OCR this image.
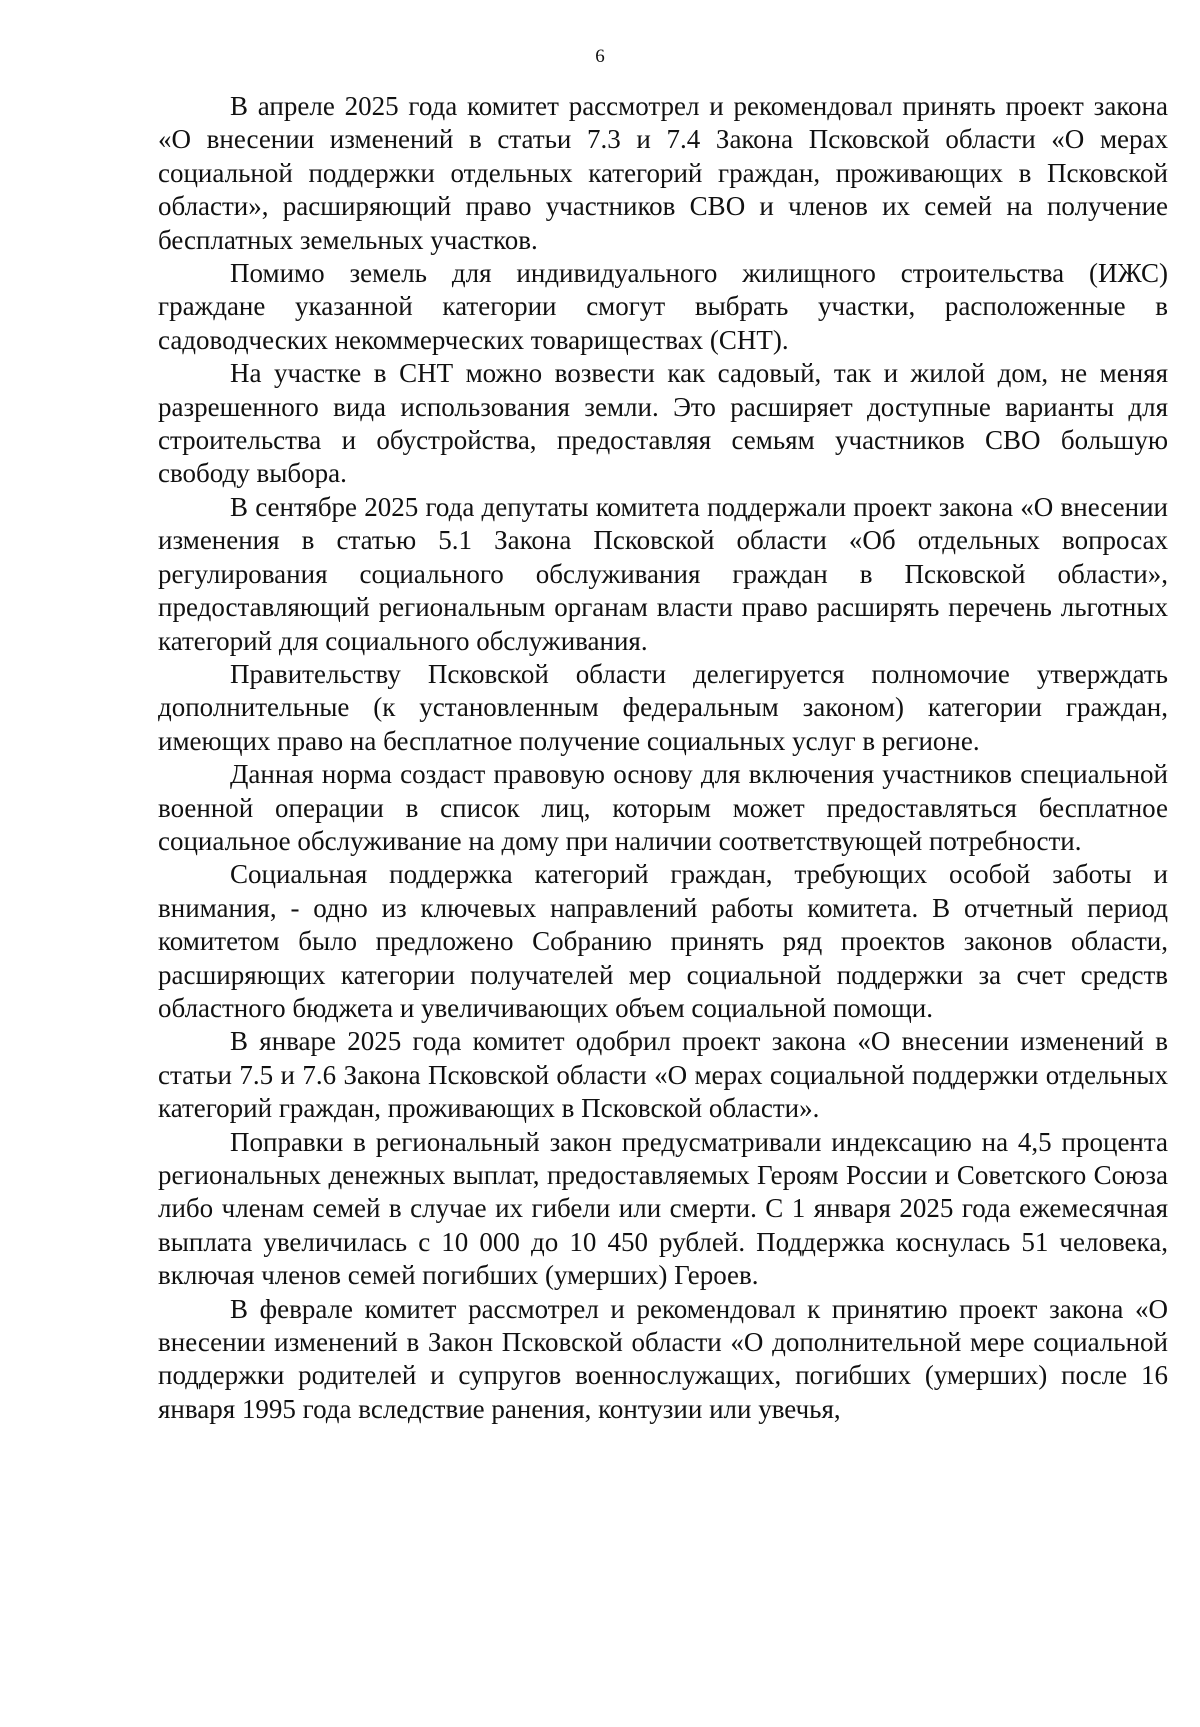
6

В апреле 2025 года комитет рассмотрел и рекомендовал принять проект закона «О внесении изменений в статьи 7.3 и 7.4 Закона Псковской области «О мерах социальной поддержки отдельных категорий граждан, проживающих в Псковской области», расширяющий право участников СВО и членов их семей на получение бесплатных земельных участков.

Помимо земель для индивидуального жилищного строительства (ИЖС) граждане указанной категории смогут выбрать участки, расположенные в садоводческих некоммерческих товариществах (СНТ).

На участке в СНТ можно возвести как садовый, так и жилой дом, не меняя разрешенного вида использования земли. Это расширяет доступные варианты для строительства и обустройства, предоставляя семьям участников СВО большую свободу выбора.

В сентябре 2025 года депутаты комитета поддержали проект закона «О внесении изменения в статью 5.1 Закона Псковской области «Об отдельных вопросах регулирования социального обслуживания граждан в Псковской области», предоставляющий региональным органам власти право расширять перечень льготных категорий для социального обслуживания.

Правительству Псковской области делегируется полномочие утверждать дополнительные (к установленным федеральным законом) категории граждан, имеющих право на бесплатное получение социальных услуг в регионе.

Данная норма создаст правовую основу для включения участников специальной военной операции в список лиц, которым может предоставляться бесплатное социальное обслуживание на дому при наличии соответствующей потребности.

Социальная поддержка категорий граждан, требующих особой заботы и внимания, - одно из ключевых направлений работы комитета. В отчетный период комитетом было предложено Собранию принять ряд проектов законов области, расширяющих категории получателей мер социальной поддержки за счет средств областного бюджета и увеличивающих объем социальной помощи.

В январе 2025 года комитет одобрил проект закона «О внесении изменений в статьи 7.5 и 7.6 Закона Псковской области «О мерах социальной поддержки отдельных категорий граждан, проживающих в Псковской области».

Поправки в региональный закон предусматривали индексацию на 4,5 процента региональных денежных выплат, предоставляемых Героям России и Советского Союза либо членам семей в случае их гибели или смерти. С 1 января 2025 года ежемесячная выплата увеличилась с 10 000 до 10 450 рублей. Поддержка коснулась 51 человека, включая членов семей погибших (умерших) Героев.

В феврале комитет рассмотрел и рекомендовал к принятию проект закона «О внесении изменений в Закон Псковской области «О дополнительной мере социальной поддержки родителей и супругов военнослужащих, погибших (умерших) после 16 января 1995 года вследствие ранения, контузии или увечья,
